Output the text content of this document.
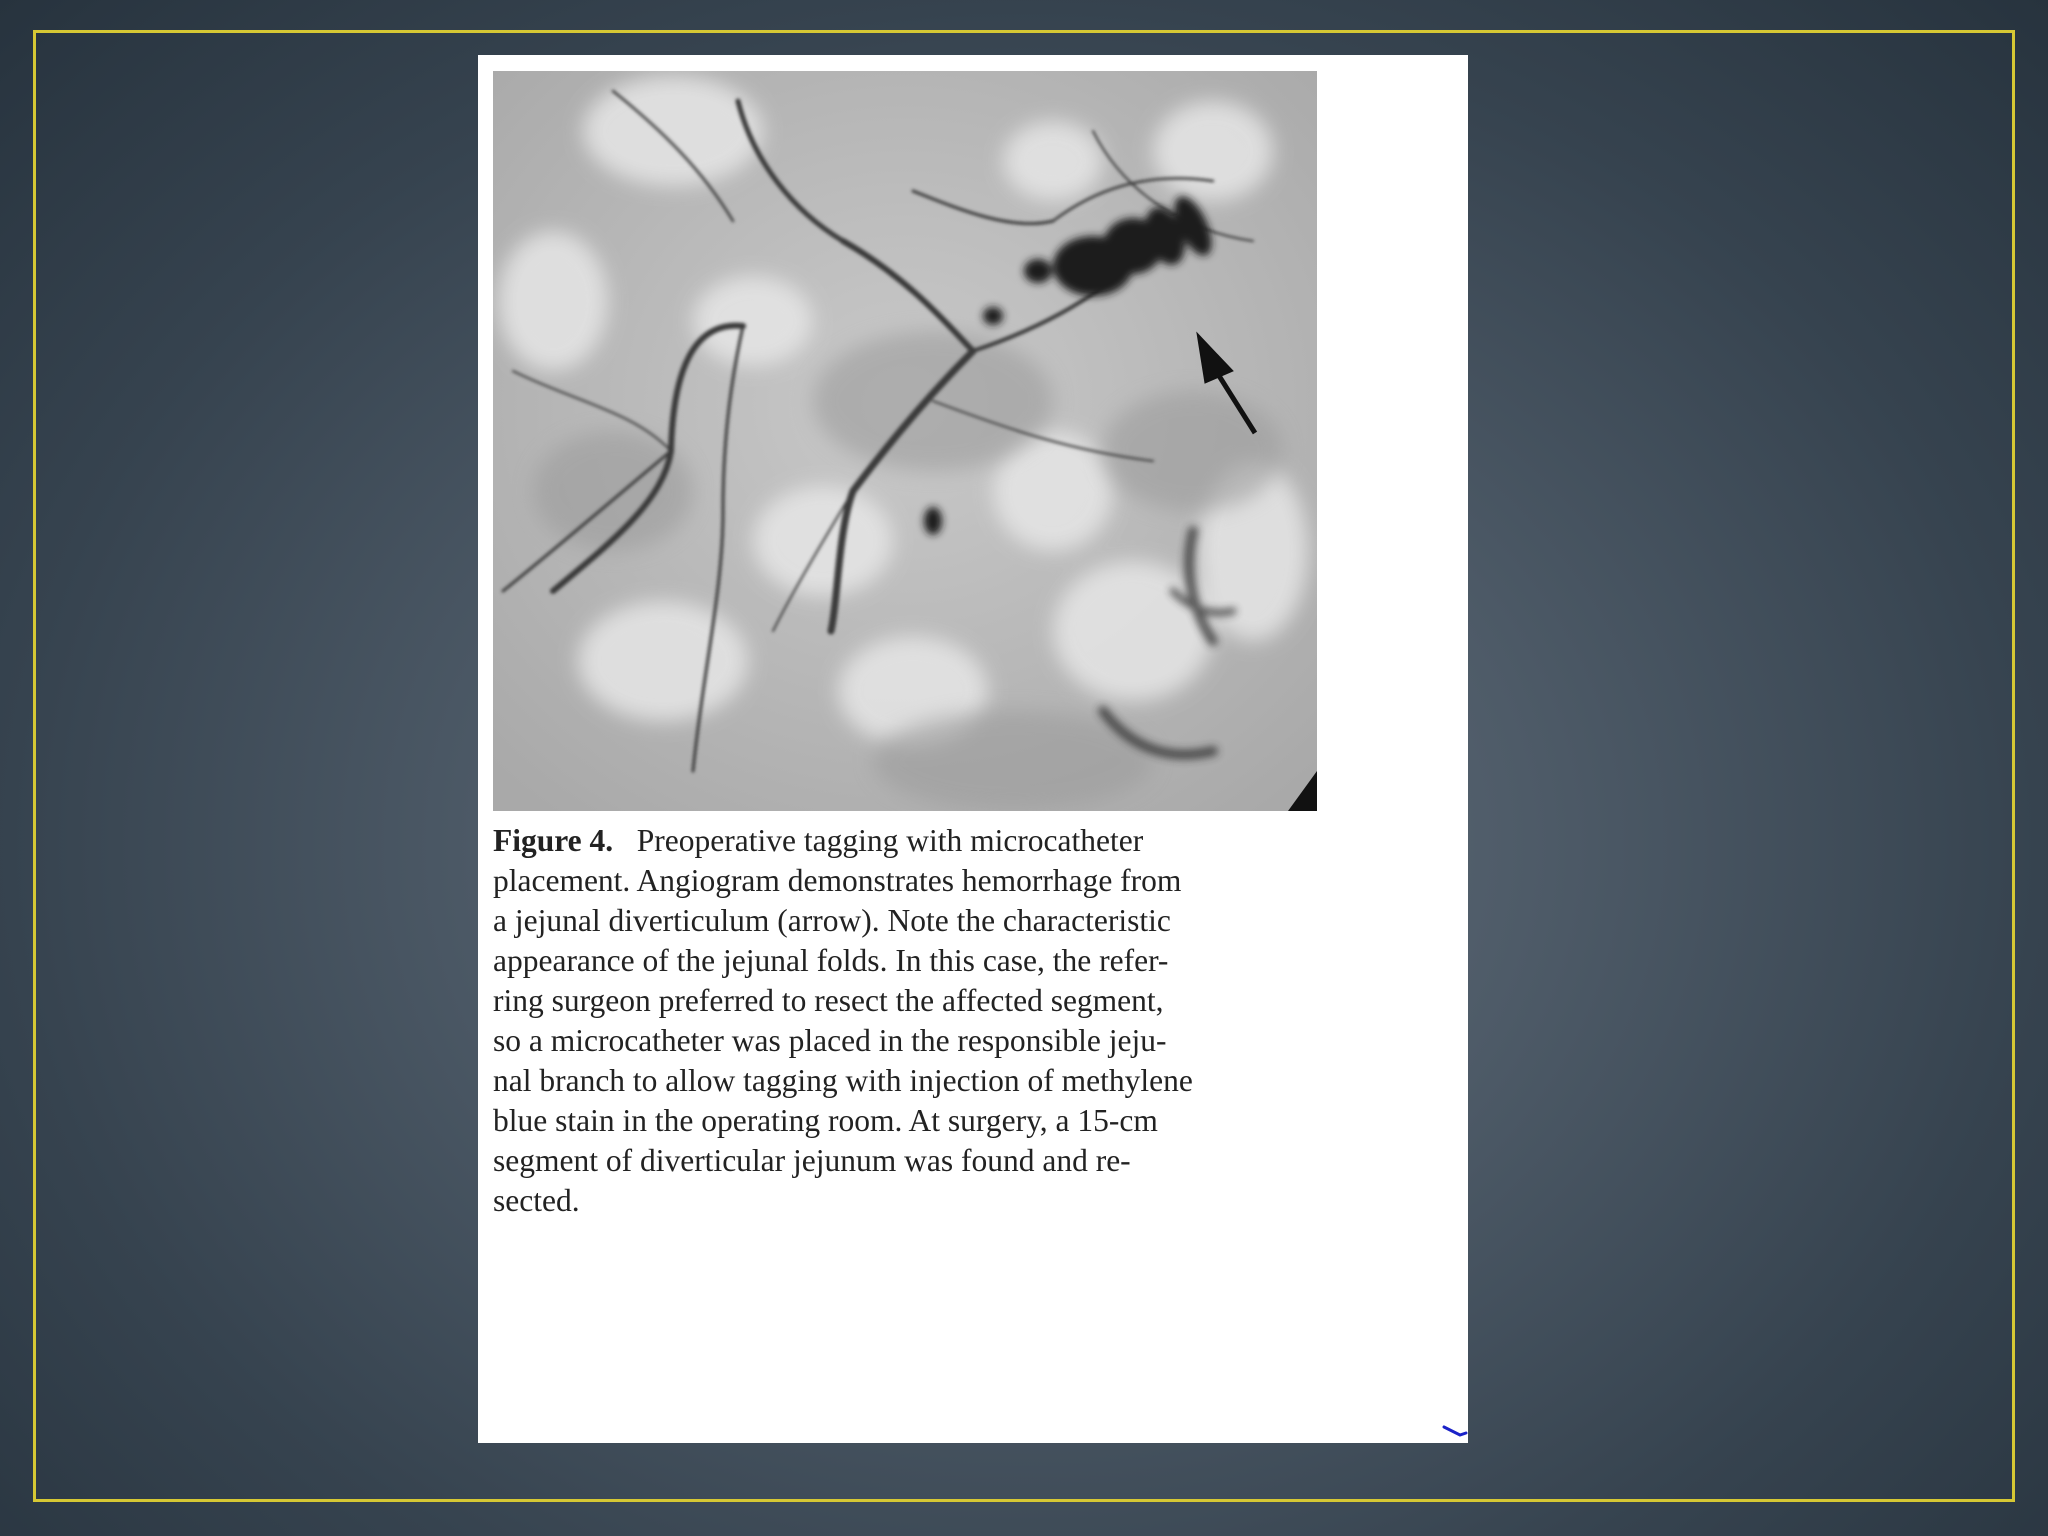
Figure 4. Preoperative tagging with microcatheter
placement. Angiogram demonstrates hemorrhage from
a jejunal diverticulum (arrow). Note the characteristic
appearance of the jejunal folds. In this case, the refer-
ring surgeon preferred to resect the affected segment,
so a microcatheter was placed in the responsible jeju-
nal branch to allow tagging with injection of methylene
blue stain in the operating room. At surgery, a 15-cm
segment of diverticular jejunum was found and re-
sected.
